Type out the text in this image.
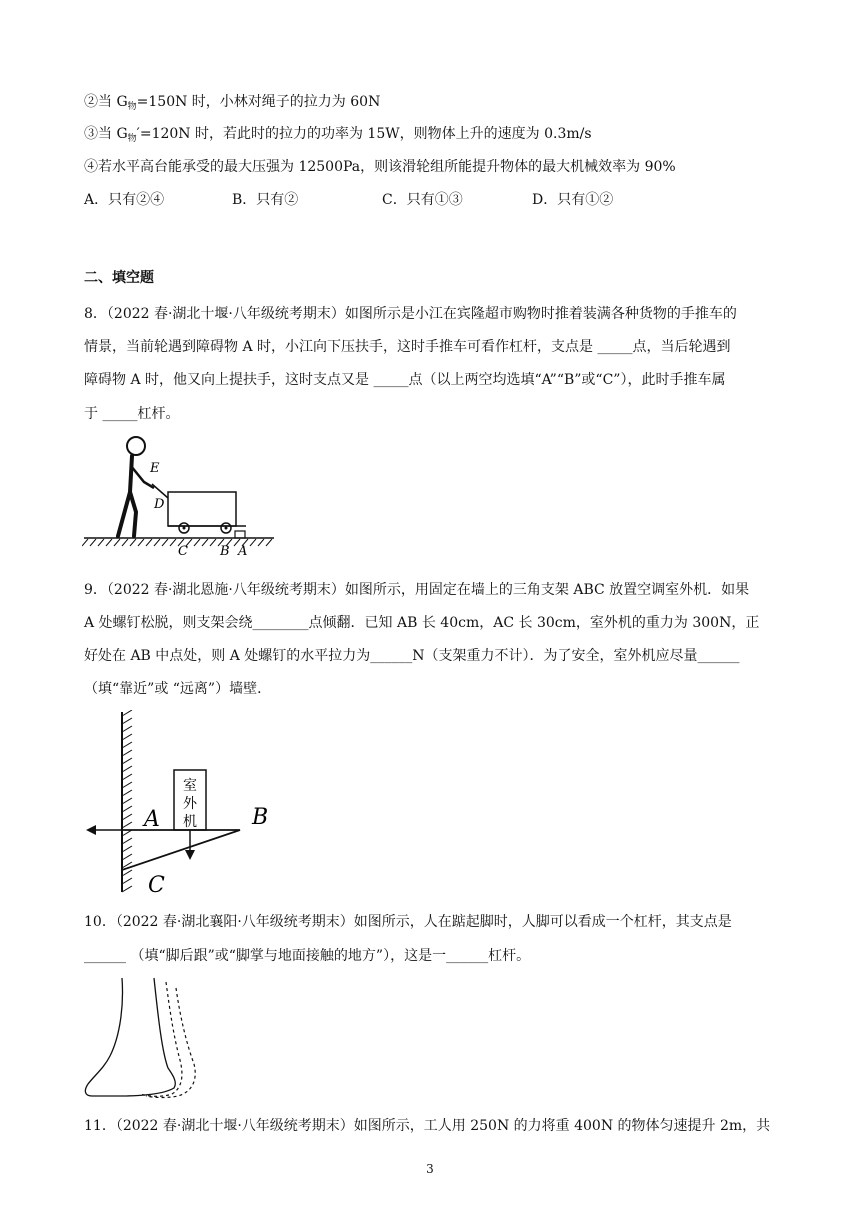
②当 $G_物=150N$ 时，小林对绳子的拉力为 60N
③当 $G_物'=120N$ 时，若此时的拉力的功率为 15W，则物体上升的速度为 0.3m/s
④若水平高台能承受的最大压强为 12500Pa，则该滑轮组所能提升物体的最大机械效率为 90%
A．只有②④	B．只有②	C．只有①③	D．只有①②
二、填空题
8．（2022 春·湖北十堰·八年级统考期末）如图所示是小江在宾隆超市购物时推着装满各种货物的手推车的
情景，当前轮遇到障碍物 A 时，小江向下压扶手，这时手推车可看作杠杆，支点是 _____点，当后轮遇到
障碍物 A 时，他又向上提扶手，这时支点又是 _____点（以上两空均选填“A”“B”或“C”），此时手推车属
于 _____杠杆。
E
D
C B A
9．（2022 春·湖北恩施·八年级统考期末）如图所示，用固定在墙上的三角支架 ABC 放置空调室外机．如果
A 处螺钉松脱，则支架会绕________点倾翻．已知 AB 长 40cm，AC 长 30cm，室外机的重力为 300N，正
好处在 AB 中点处，则 A 处螺钉的水平拉力为______N（支架重力不计）．为了安全，室外机应尽量______
（填“靠近”或 “远离”）墙壁．
室
外
机
A	B
C
10．（2022 春·湖北襄阳·八年级统考期末）如图所示，人在踮起脚时，人脚可以看成一个杠杆，其支点是
______ （填“脚后跟”或“脚掌与地面接触的地方”），这是一______杠杆。
11．（2022 春·湖北十堰·八年级统考期末）如图所示，工人用 250N 的力将重 400N 的物体匀速提升 2m，共
3
